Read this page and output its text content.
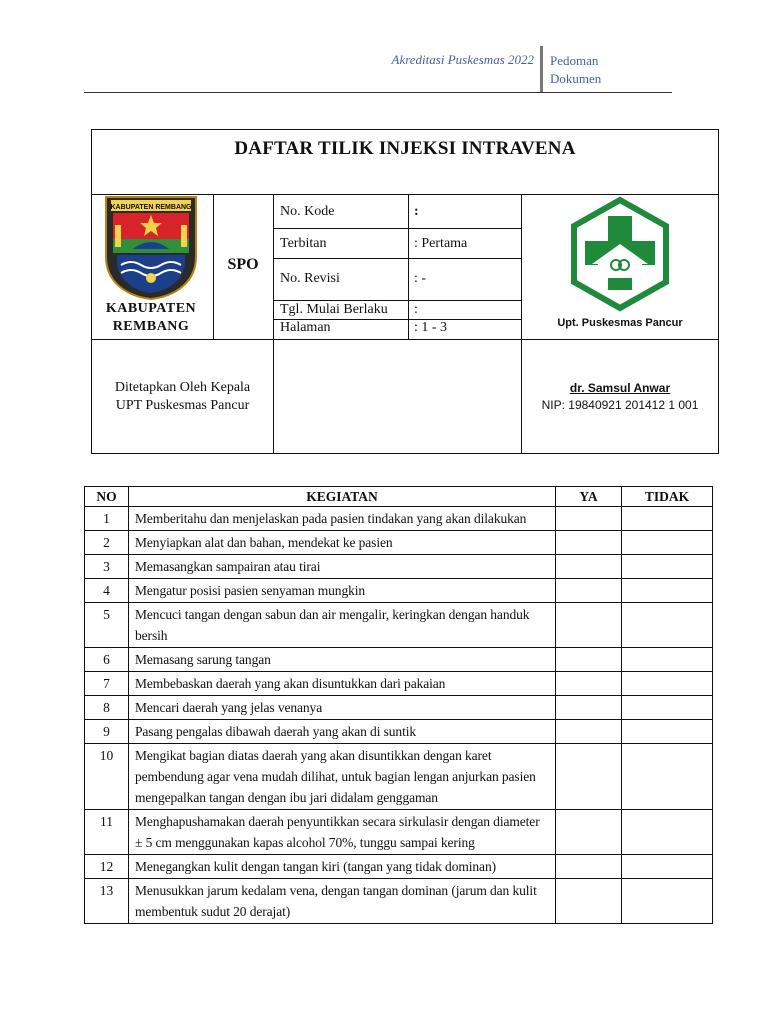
Akreditasi Puskesmas 2022 Pedoman
Dokumen
DAFTAR TILIK INJEKSI INTRAVENA
KABUPATEN REMBANG
KABUPATEN
REMBANG
SPO
No. Kode	:
Terbitan	: Pertama
No. Revisi	: -
Tgl. Mulai Berlaku :
Halaman	: 1 - 3	Upt. Puskesmas Pancur
Ditetapkan Oleh Kepala
UPT Puskesmas Pancur
dr. Samsul Anwar
NIP: 19840921 201412 1 001
NO	KEGIATAN	YA	TIDAK
1	Memberitahu dan menjelaskan pada pasien tindakan yang akan dilakukan		
2	Menyiapkan alat dan bahan, mendekat ke pasien		
3	Memasangkan sampairan atau tirai		
4	Mengatur posisi pasien senyaman mungkin		
5	Mencuci tangan dengan sabun dan air mengalir, keringkan dengan handuk bersih		
6	Memasang sarung tangan		
7	Membebaskan daerah yang akan disuntukkan dari pakaian		
8	Mencari daerah yang jelas venanya		
9	Pasang pengalas dibawah daerah yang akan di suntik		
10	Mengikat bagian diatas daerah yang akan disuntikkan dengan karet pembendung agar vena mudah dilihat, untuk bagian lengan anjurkan pasien mengepalkan tangan dengan ibu jari didalam genggaman		
11	Menghapushamakan daerah penyuntikkan secara sirkulasir dengan diameter ± 5 cm menggunakan kapas alcohol 70%, tunggu sampai kering		
12	Menegangkan kulit dengan tangan kiri (tangan yang tidak dominan)		
13	Menusukkan jarum kedalam vena, dengan tangan dominan (jarum dan kulit membentuk sudut 20 derajat)		
